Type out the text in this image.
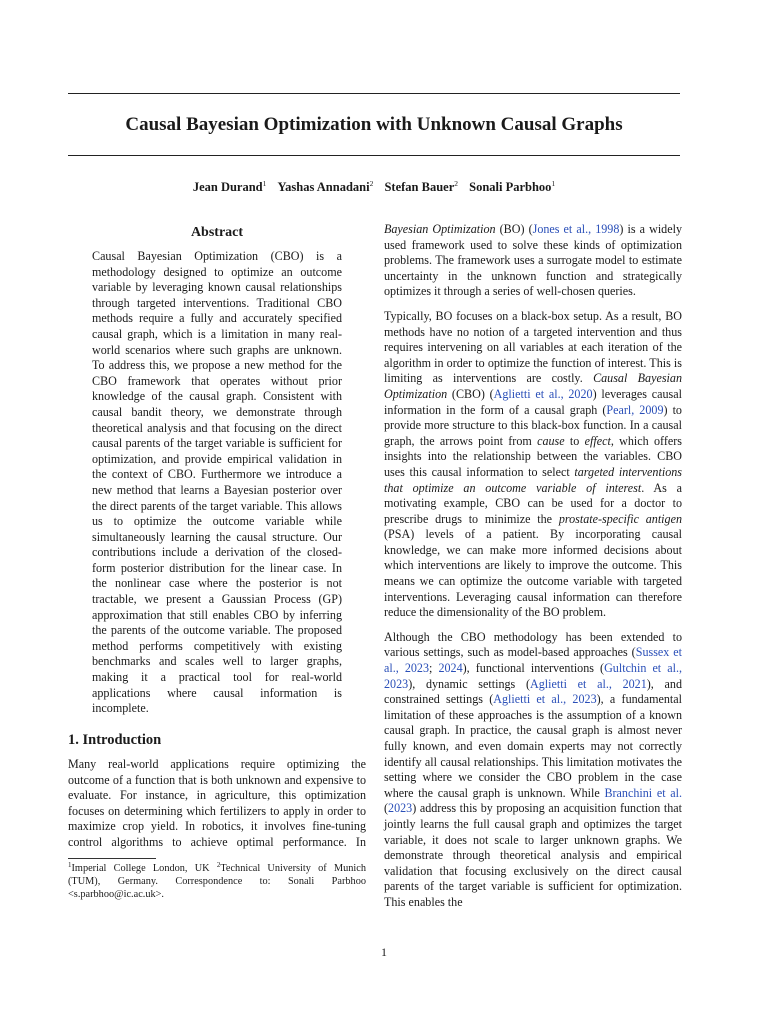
Causal Bayesian Optimization with Unknown Causal Graphs
Jean Durand$^1$ Yashas Annadani$^2$ Stefan Bauer$^2$ Sonali Parbhoo$^1$
Abstract

Causal Bayesian Optimization (CBO) is a methodology designed to optimize an outcome variable by leveraging known causal relationships through targeted interventions. Traditional CBO methods require a fully and accurately specified causal graph, which is a limitation in many real-world scenarios where such graphs are unknown. To address this, we propose a new method for the CBO framework that operates without prior knowledge of the causal graph. Consistent with causal bandit theory, we demonstrate through theoretical analysis and that focusing on the direct causal parents of the target variable is sufficient for optimization, and provide empirical validation in the context of CBO. Furthermore we introduce a new method that learns a Bayesian posterior over the direct parents of the target variable. This allows us to optimize the outcome variable while simultaneously learning the causal structure. Our contributions include a derivation of the closed-form posterior distribution for the linear case. In the nonlinear case where the posterior is not tractable, we present a Gaussian Process (GP) approximation that still enables CBO by inferring the parents of the outcome variable. The proposed method performs competitively with existing benchmarks and scales well to larger graphs, making it a practical tool for real-world applications where causal information is incomplete.

1. Introduction

Many real-world applications require optimizing the outcome of a function that is both unknown and expensive to evaluate. For instance, in agriculture, this optimization focuses on determining which fertilizers to apply in order to maximize crop yield. In robotics, it involves fine-tuning control algorithms to achieve optimal performance. In

$^1$Imperial College London, UK $^2$Technical University of Munich (TUM), Germany. Correspondence to: Sonali Parbhoo <s.parbhoo@ic.ac.uk>.

Bayesian Optimization (BO) (Jones et al., 1998) is a widely used framework used to solve these kinds of optimization problems. The framework uses a surrogate model to estimate uncertainty in the unknown function and strategically optimizes it through a series of well-chosen queries.

Typically, BO focuses on a black-box setup. As a result, BO methods have no notion of a targeted intervention and thus requires intervening on all variables at each iteration of the algorithm in order to optimize the function of interest. This is limiting as interventions are costly. Causal Bayesian Optimization (CBO) (Aglietti et al., 2020) leverages causal information in the form of a causal graph (Pearl, 2009) to provide more structure to this black-box function. In a causal graph, the arrows point from cause to effect, which offers insights into the relationship between the variables. CBO uses this causal information to select targeted interventions that optimize an outcome variable of interest. As a motivating example, CBO can be used for a doctor to prescribe drugs to minimize the prostate-specific antigen (PSA) levels of a patient. By incorporating causal knowledge, we can make more informed decisions about which interventions are likely to improve the outcome. This means we can optimize the outcome variable with targeted interventions. Leveraging causal information can therefore reduce the dimensionality of the BO problem.

Although the CBO methodology has been extended to various settings, such as model-based approaches (Sussex et al., 2023; 2024), functional interventions (Gultchin et al., 2023), dynamic settings (Aglietti et al., 2021), and constrained settings (Aglietti et al., 2023), a fundamental limitation of these approaches is the assumption of a known causal graph. In practice, the causal graph is almost never fully known, and even domain experts may not correctly identify all causal relationships. This limitation motivates the setting where we consider the CBO problem in the case where the causal graph is unknown. While Branchini et al. (2023) address this by proposing an acquisition function that jointly learns the full causal graph and optimizes the target variable, it does not scale to larger unknown graphs. We demonstrate through theoretical analysis and empirical validation that focusing exclusively on the direct causal parents of the target variable is sufficient for optimization. This enables the

1
